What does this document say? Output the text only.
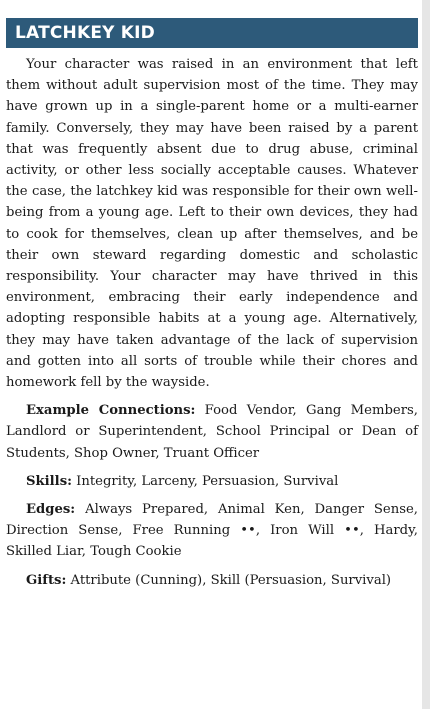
LATCHKEY KID

Your character was raised in an environment that left them without adult supervision most of the time. They may have grown up in a single-parent home or a multi-earner family. Conversely, they may have been raised by a parent that was frequently absent due to drug abuse, criminal activity, or other less socially acceptable causes. Whatever the case, the latchkey kid was responsible for their own well-being from a young age. Left to their own devices, they had to cook for themselves, clean up after themselves, and be their own steward regarding domestic and scholastic responsibility. Your character may have thrived in this environment, embracing their early independence and adopting responsible habits at a young age. Alternatively, they may have taken advantage of the lack of supervision and gotten into all sorts of trouble while their chores and homework fell by the wayside.

Example Connections: Food Vendor, Gang Members, Landlord or Superintendent, School Principal or Dean of Students, Shop Owner, Truant Officer

Skills: Integrity, Larceny, Persuasion, Survival

Edges: Always Prepared, Animal Ken, Danger Sense, Direction Sense, Free Running ••, Iron Will ••, Hardy, Skilled Liar, Tough Cookie

Gifts: Attribute (Cunning), Skill (Persuasion, Survival)
